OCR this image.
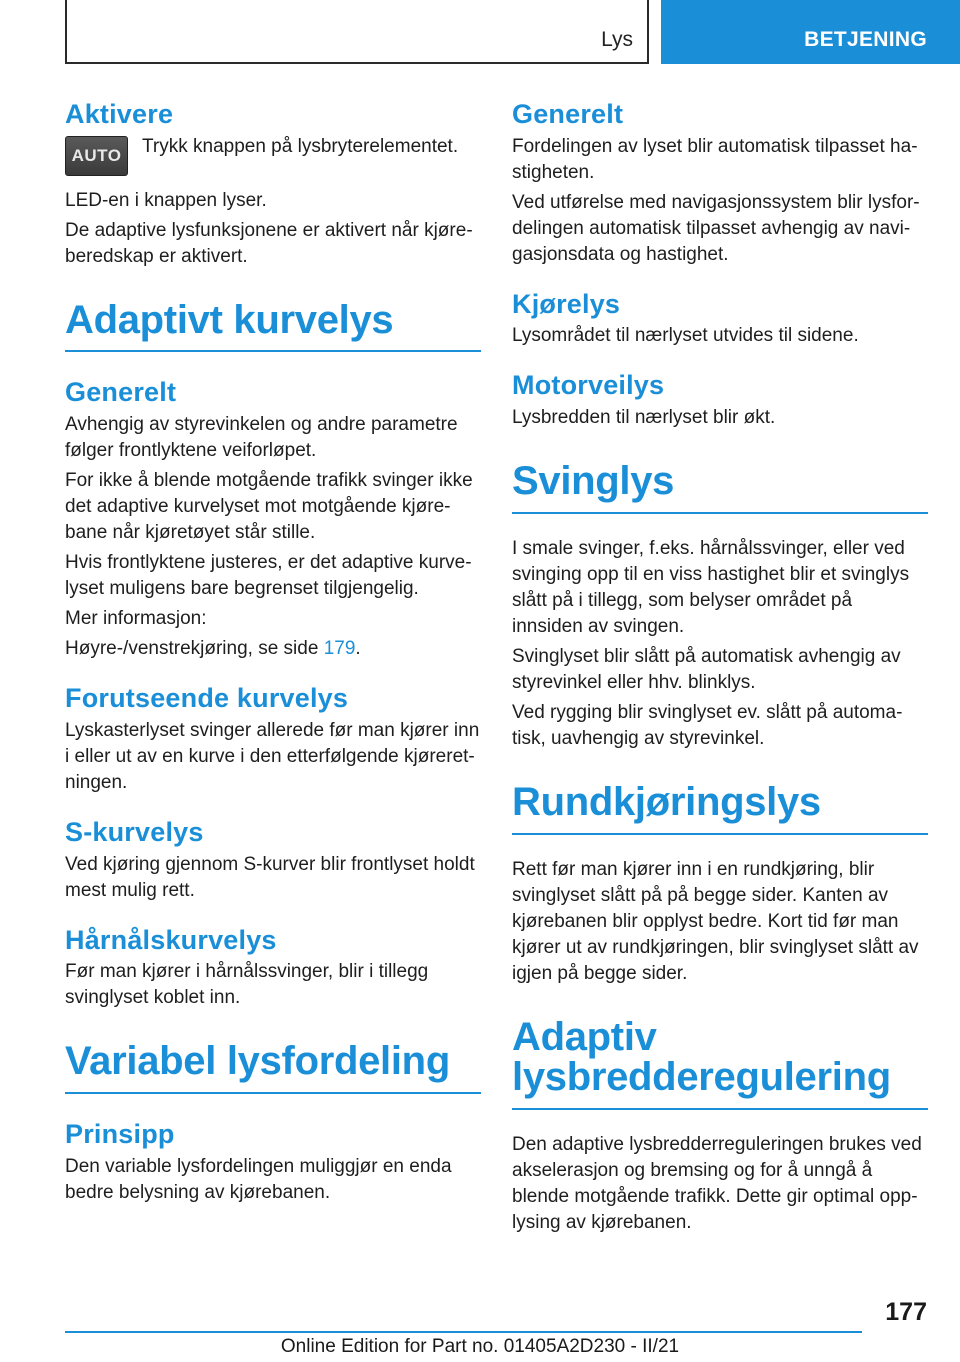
Lys	BETJENING
Aktivere
AUTO Trykk knappen på lysbryterelementet.

LED-en i knappen lyser.

De adaptive lysfunksjonene er aktivert når kjøreberedskap er aktivert.

Adaptivt kurvelys
Generelt

Avhengig av styrevinkelen og andre parametre følger frontlyktene veiforløpet.

For ikke å blende motgående trafikk svinger ikke det adaptive kurvelyset mot motgående kjørebane når kjøretøyet står stille.

Hvis frontlyktene justeres, er det adaptive kurvelyset muligens bare begrenset tilgjengelig.

Mer informasjon:

Høyre-/venstrekjøring, se side 179.

Forutseende kurvelys

Lyskasterlyset svinger allerede før man kjører inn i eller ut av en kurve i den etterfølgende kjøreretningen.

S-kurvelys

Ved kjøring gjennom S-kurver blir frontlyset holdt mest mulig rett.

Hårnålskurvelys

Før man kjører i hårnålssvinger, blir i tillegg svinglyset koblet inn.

Variabel lysfordeling
Prinsipp

Den variable lysfordelingen muliggjør en enda bedre belysning av kjørebanen.

Generelt

Fordelingen av lyset blir automatisk tilpasset hastigheten.

Ved utførelse med navigasjonssystem blir lysfordelingen automatisk tilpasset avhengig av navigasjonsdata og hastighet.

Kjørelys

Lysområdet til nærlyset utvides til sidene.

Motorveilys

Lysbredden til nærlyset blir økt.

Svinglys

I smale svinger, f.eks. hårnålssvinger, eller ved svinging opp til en viss hastighet blir et svinglys slått på i tillegg, som belyser området på innsiden av svingen.

Svinglyset blir slått på automatisk avhengig av styrevinkel eller hhv. blinklys.

Ved rygging blir svinglyset ev. slått på automatisk, uavhengig av styrevinkel.

Rundkjøringslys

Rett før man kjører inn i en rundkjøring, blir svinglyset slått på på begge sider. Kanten av kjørebanen blir opplyst bedre. Kort tid før man kjører ut av rundkjøringen, blir svinglyset slått av igjen på begge sider.

Adaptiv
lysbredderegulering

Den adaptive lysbredderreguleringen brukes ved akselerasjon og bremsing og for å unngå å blende motgående trafikk. Dette gir optimal opplysing av kjørebanen.

177
Online Edition for Part no. 01405A2D230 - II/21
